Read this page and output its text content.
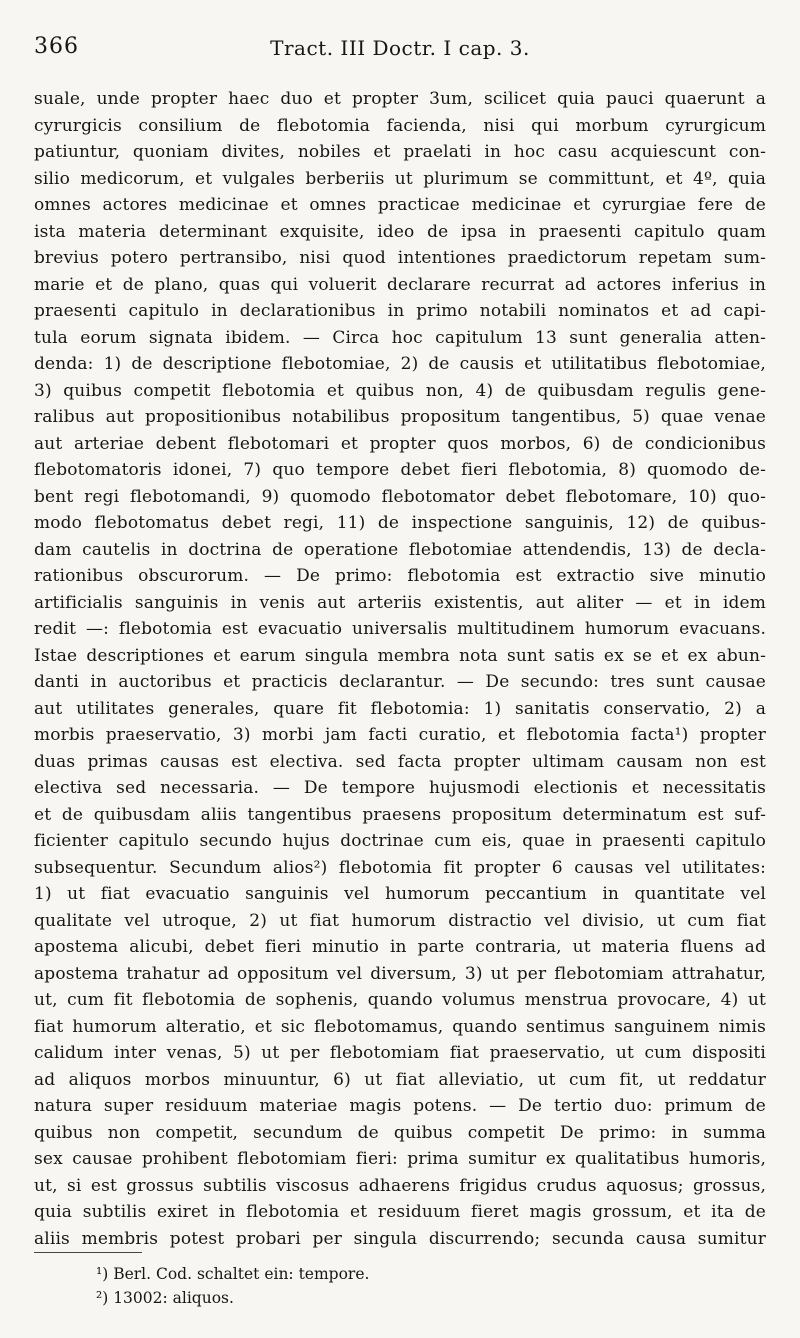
366	Tract. III Doctr. I cap. 3.
suale, unde propter haec duo et propter 3um, scilicet quia pauci quaerunt a
cyrurgicis consilium de flebotomia facienda, nisi qui morbum cyrurgicum
patiuntur, quoniam divites, nobiles et praelati in hoc casu acquiescunt con-
silio medicorum, et vulgales berberiis ut plurimum se committunt, et 4º, quia
omnes actores medicinae et omnes practicae medicinae et cyrurgiae fere de
ista materia determinant exquisite, ideo de ipsa in praesenti capitulo quam
brevius potero pertransibo, nisi quod intentiones praedictorum repetam sum-
marie et de plano, quas qui voluerit declarare recurrat ad actores inferius in
praesenti capitulo in declarationibus in primo notabili nominatos et ad capi-
tula eorum signata ibidem. — Circa hoc capitulum 13 sunt generalia atten-
denda: 1) de descriptione flebotomiae, 2) de causis et utilitatibus flebotomiae,
3) quibus competit flebotomia et quibus non, 4) de quibusdam regulis gene-
ralibus aut propositionibus notabilibus propositum tangentibus, 5) quae venae
aut arteriae debent flebotomari et propter quos morbos, 6) de condicionibus
flebotomatoris idonei, 7) quo tempore debet fieri flebotomia, 8) quomodo de-
bent regi flebotomandi, 9) quomodo flebotomator debet flebotomare, 10) quo-
modo flebotomatus debet regi, 11) de inspectione sanguinis, 12) de quibus-
dam cautelis in doctrina de operatione flebotomiae attendendis, 13) de decla-
rationibus obscurorum. — De primo: flebotomia est extractio sive minutio
artificialis sanguinis in venis aut arteriis existentis, aut aliter — et in idem
redit —: flebotomia est evacuatio universalis multitudinem humorum evacuans.
Istae descriptiones et earum singula membra nota sunt satis ex se et ex abun-
danti in auctoribus et practicis declarantur. — De secundo: tres sunt causae
aut utilitates generales, quare fit flebotomia: 1) sanitatis conservatio, 2) a
morbis praeservatio, 3) morbi jam facti curatio, et flebotomia facta¹) propter
duas primas causas est electiva. sed facta propter ultimam causam non est
electiva sed necessaria. — De tempore hujusmodi electionis et necessitatis
et de quibusdam aliis tangentibus praesens propositum determinatum est suf-
ficienter capitulo secundo hujus doctrinae cum eis, quae in praesenti capitulo
subsequentur. Secundum alios²) flebotomia fit propter 6 causas vel utilitates:
1) ut fiat evacuatio sanguinis vel humorum peccantium in quantitate vel
qualitate vel utroque, 2) ut fiat humorum distractio vel divisio, ut cum fiat
apostema alicubi, debet fieri minutio in parte contraria, ut materia fluens ad
apostema trahatur ad oppositum vel diversum, 3) ut per flebotomiam attrahatur,
ut, cum fit flebotomia de sophenis, quando volumus menstrua provocare, 4) ut
fiat humorum alteratio, et sic flebotomamus, quando sentimus sanguinem nimis
calidum inter venas, 5) ut per flebotomiam fiat praeservatio, ut cum dispositi
ad aliquos morbos minuuntur, 6) ut fiat alleviatio, ut cum fit, ut reddatur
natura super residuum materiae magis potens. — De tertio duo: primum de
quibus non competit, secundum de quibus competit De primo: in summa
sex causae prohibent flebotomiam fieri: prima sumitur ex qualitatibus humoris,
ut, si est grossus subtilis viscosus adhaerens frigidus crudus aquosus; grossus,
quia subtilis exiret in flebotomia et residuum fieret magis grossum, et ita de
aliis membris potest probari per singula discurrendo; secunda causa sumitur
¹) Berl. Cod. schaltet ein: tempore.
²) 13002: aliquos.
